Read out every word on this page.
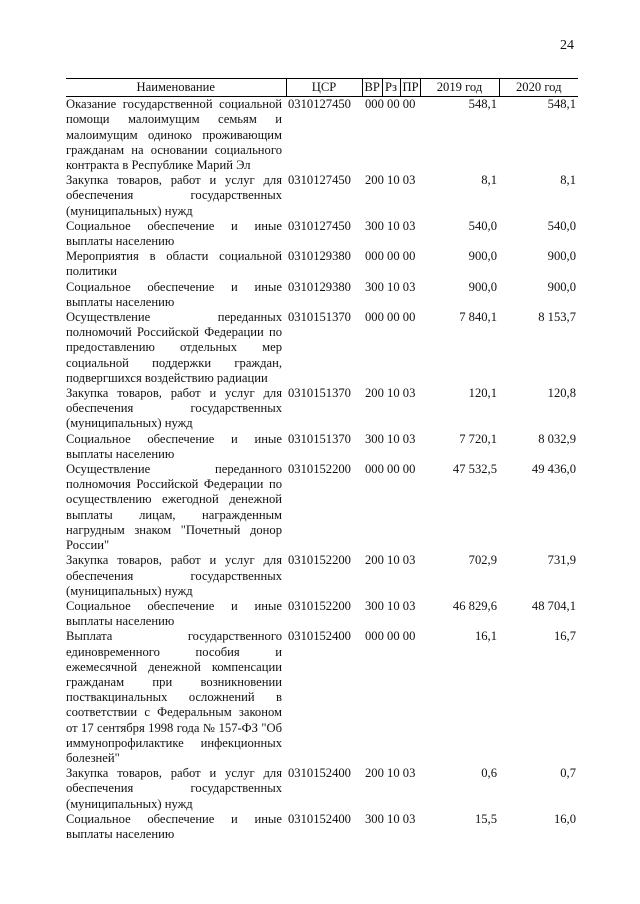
24
Наименование	ЦСР	ВР	Рз	ПР	2019 год	2020 год
Оказание государственной социальной помощи малоимущим семьям и малоимущим одиноко проживающим гражданам на основании социального контракта в Республике Марий Эл	0310127450	000 00 00			548,1	548,1
Закупка товаров, работ и услуг для обеспечения государственных (муниципальных) нужд	0310127450	200 10 03			8,1	8,1
Социальное обеспечение и иные выплаты населению	0310127450	300 10 03			540,0	540,0
Мероприятия в области социальной политики	0310129380	000 00 00			900,0	900,0
Социальное обеспечение и иные выплаты населению	0310129380	300 10 03			900,0	900,0
Осуществление переданных полномочий Российской Федерации по предоставлению отдельных мер социальной поддержки граждан, подвергшихся воздействию радиации	0310151370	000 00 00			7 840,1	8 153,7
Закупка товаров, работ и услуг для обеспечения государственных (муниципальных) нужд	0310151370	200 10 03			120,1	120,8
Социальное обеспечение и иные выплаты населению	0310151370	300 10 03			7 720,1	8 032,9
Осуществление переданного полномочия Российской Федерации по осуществлению ежегодной денежной выплаты лицам, награжденным нагрудным знаком "Почетный донор России"	0310152200	000 00 00			47 532,5	49 436,0
Закупка товаров, работ и услуг для обеспечения государственных (муниципальных) нужд	0310152200	200 10 03			702,9	731,9
Социальное обеспечение и иные выплаты населению	0310152200	300 10 03			46 829,6	48 704,1
Выплата государственного единовременного пособия и ежемесячной денежной компенсации гражданам при возникновении поствакцинальных осложнений в соответствии с Федеральным законом от 17 сентября 1998 года № 157-ФЗ "Об иммунопрофилактике инфекционных болезней"	0310152400	000 00 00			16,1	16,7
Закупка товаров, работ и услуг для обеспечения государственных (муниципальных) нужд	0310152400	200 10 03			0,6	0,7
Социальное обеспечение и иные выплаты населению	0310152400	300 10 03			15,5	16,0
